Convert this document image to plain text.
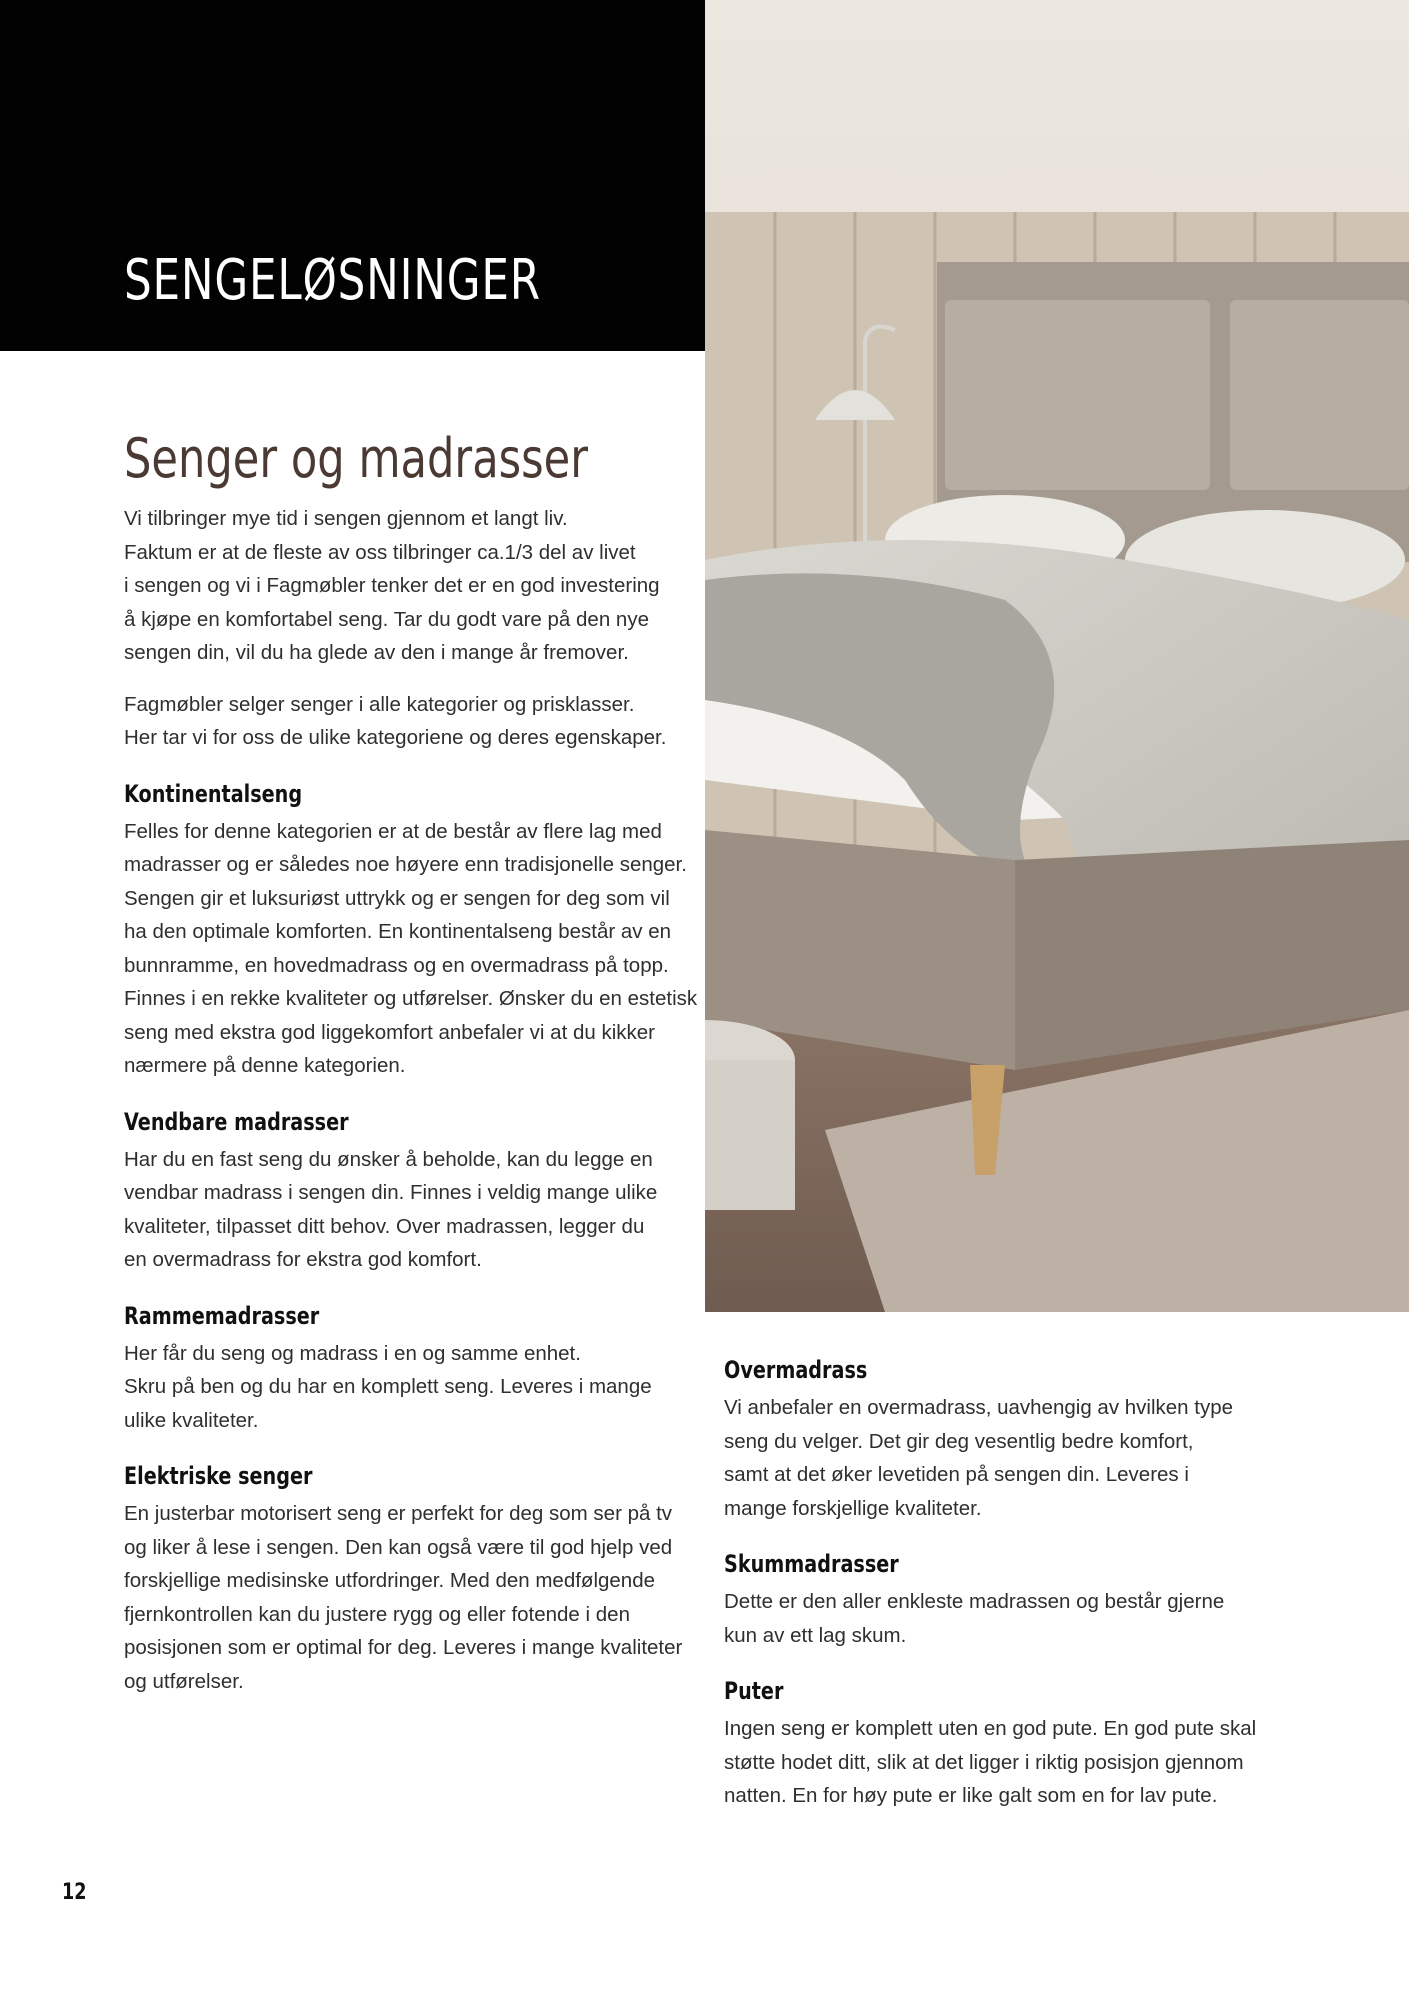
SENGELØSNINGER
Senger og madrasser

Vi tilbringer mye tid i sengen gjennom et langt liv.
Faktum er at de fleste av oss tilbringer ca.1/3 del av livet
i sengen og vi i Fagmøbler tenker det er en god investering
å kjøpe en komfortabel seng. Tar du godt vare på den nye
sengen din, vil du ha glede av den i mange år fremover.

Fagmøbler selger senger i alle kategorier og prisklasser.
Her tar vi for oss de ulike kategoriene og deres egenskaper.

Kontinentalseng

Felles for denne kategorien er at de består av flere lag med
madrasser og er således noe høyere enn tradisjonelle senger.
Sengen gir et luksuriøst uttrykk og er sengen for deg som vil
ha den optimale komforten. En kontinentalseng består av en
bunnramme, en hovedmadrass og en overmadrass på topp.
Finnes i en rekke kvaliteter og utførelser. Ønsker du en estetisk
seng med ekstra god liggekomfort anbefaler vi at du kikker
nærmere på denne kategorien.

Vendbare madrasser

Har du en fast seng du ønsker å beholde, kan du legge en
vendbar madrass i sengen din. Finnes i veldig mange ulike
kvaliteter, tilpasset ditt behov. Over madrassen, legger du
en overmadrass for ekstra god komfort.

Rammemadrasser

Her får du seng og madrass i en og samme enhet.
Skru på ben og du har en komplett seng. Leveres i mange
ulike kvaliteter.

Elektriske senger

En justerbar motorisert seng er perfekt for deg som ser på tv
og liker å lese i sengen. Den kan også være til god hjelp ved
forskjellige medisinske utfordringer. Med den medfølgende
fjernkontrollen kan du justere rygg og eller fotende i den
posisjonen som er optimal for deg. Leveres i mange kvaliteter
og utførelser.

Overmadrass

Vi anbefaler en overmadrass, uavhengig av hvilken type
seng du velger. Det gir deg vesentlig bedre komfort,
samt at det øker levetiden på sengen din. Leveres i
mange forskjellige kvaliteter.

Skummadrasser

Dette er den aller enkleste madrassen og består gjerne
kun av ett lag skum.

Puter

Ingen seng er komplett uten en god pute. En god pute skal
støtte hodet ditt, slik at det ligger i riktig posisjon gjennom
natten. En for høy pute er like galt som en for lav pute.

12
